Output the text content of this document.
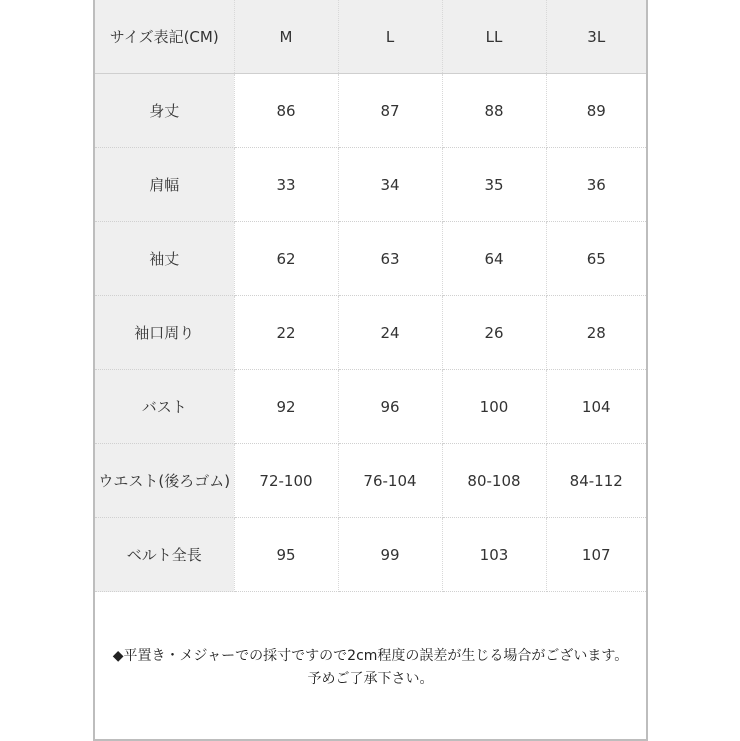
サイズ表記(CM)	M	L	LL	3L
身丈	86	87	88	89
肩幅	33	34	35	36
袖丈	62	63	64	65
袖口周り	22	24	26	28
バスト	92	96	100	104
ウエスト(後ろゴム)	72-100	76-104	80-108	84-112
ベルト全長	95	99	103	107
◆平置き・メジャーでの採寸ですので2cm程度の誤差が生じる場合がございます。
予めご了承下さい。
